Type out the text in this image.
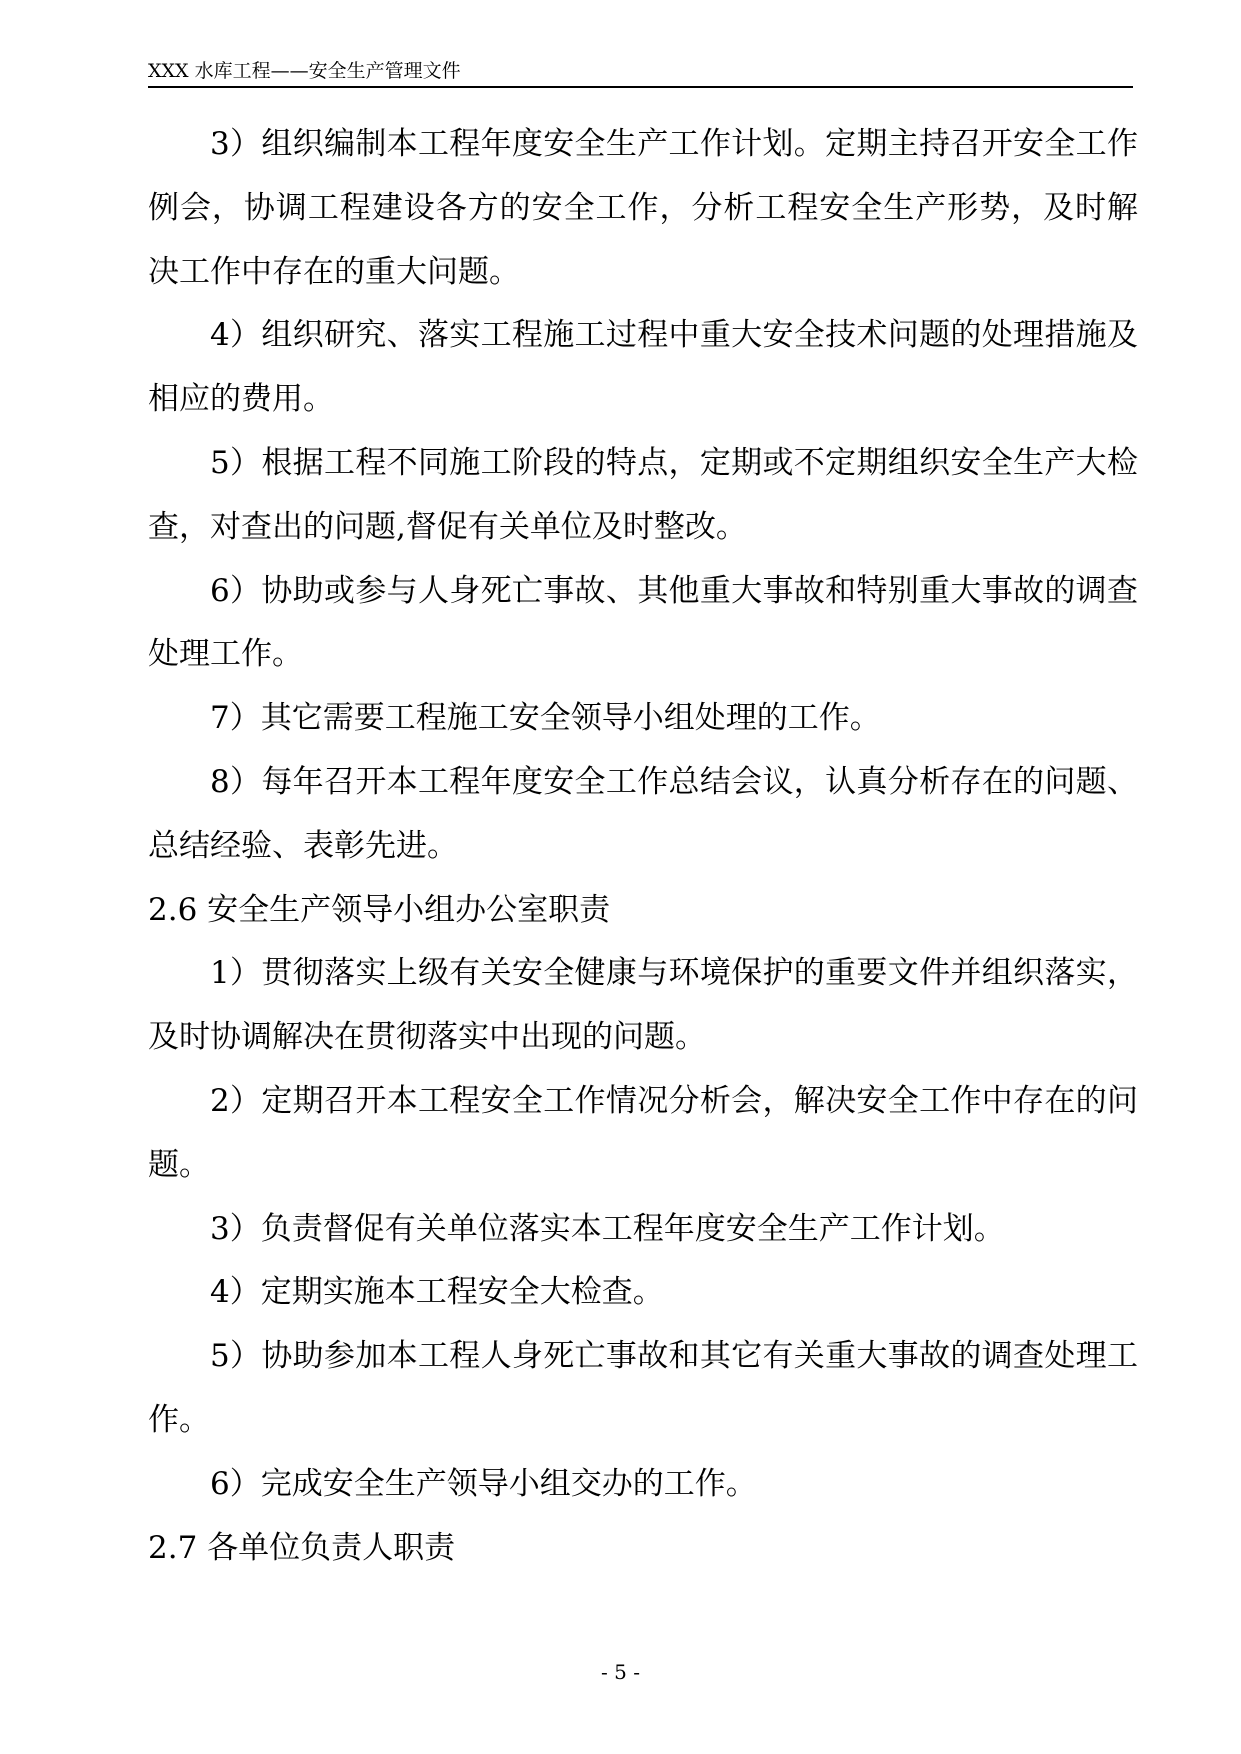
XXX 水库工程——安全生产管理文件

3）组织编制本工程年度安全生产工作计划。定期主持召开安全工作例会，协调工程建设各方的安全工作，分析工程安全生产形势，及时解决工作中存在的重大问题。

4）组织研究、落实工程施工过程中重大安全技术问题的处理措施及相应的费用。

5）根据工程不同施工阶段的特点，定期或不定期组织安全生产大检查，对查出的问题,督促有关单位及时整改。

6）协助或参与人身死亡事故、其他重大事故和特别重大事故的调查处理工作。

7）其它需要工程施工安全领导小组处理的工作。

8）每年召开本工程年度安全工作总结会议，认真分析存在的问题、总结经验、表彰先进。

2.6 安全生产领导小组办公室职责

1）贯彻落实上级有关安全健康与环境保护的重要文件并组织落实，及时协调解决在贯彻落实中出现的问题。

2）定期召开本工程安全工作情况分析会，解决安全工作中存在的问题。

3）负责督促有关单位落实本工程年度安全生产工作计划。

4）定期实施本工程安全大检查。

5）协助参加本工程人身死亡事故和其它有关重大事故的调查处理工作。

6）完成安全生产领导小组交办的工作。

2.7 各单位负责人职责

- 5 -
